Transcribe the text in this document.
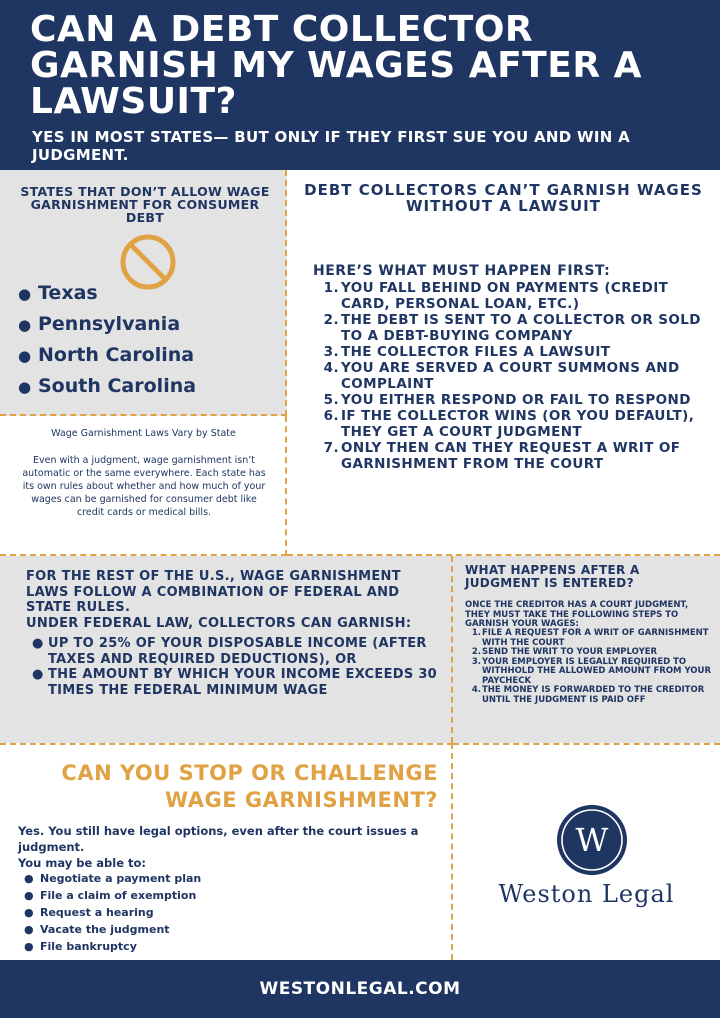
CAN A DEBT COLLECTOR GARNISH MY WAGES AFTER A LAWSUIT?
YES IN MOST STATES— BUT ONLY IF THEY FIRST SUE YOU AND WIN A JUDGMENT.
STATES THAT DON’T ALLOW WAGE GARNISHMENT FOR CONSUMER DEBT
● Texas
● Pennsylvania
● North Carolina
● South Carolina
Wage Garnishment Laws Vary by State
Even with a judgment, wage garnishment isn’t automatic or the same everywhere. Each state has its own rules about whether and how much of your wages can be garnished for consumer debt like credit cards or medical bills.
DEBT COLLECTORS CAN’T GARNISH WAGES WITHOUT A LAWSUIT
HERE’S WHAT MUST HAPPEN FIRST:
1. YOU FALL BEHIND ON PAYMENTS (CREDIT CARD, PERSONAL LOAN, ETC.)
2. THE DEBT IS SENT TO A COLLECTOR OR SOLD TO A DEBT-BUYING COMPANY
3. THE COLLECTOR FILES A LAWSUIT
4. YOU ARE SERVED A COURT SUMMONS AND COMPLAINT
5. YOU EITHER RESPOND OR FAIL TO RESPOND
6. IF THE COLLECTOR WINS (OR YOU DEFAULT), THEY GET A COURT JUDGMENT
7. ONLY THEN CAN THEY REQUEST A WRIT OF GARNISHMENT FROM THE COURT
FOR THE REST OF THE U.S., WAGE GARNISHMENT LAWS FOLLOW A COMBINATION OF FEDERAL AND STATE RULES.
UNDER FEDERAL LAW, COLLECTORS CAN GARNISH:
● UP TO 25% OF YOUR DISPOSABLE INCOME (AFTER TAXES AND REQUIRED DEDUCTIONS), OR
● THE AMOUNT BY WHICH YOUR INCOME EXCEEDS 30 TIMES THE FEDERAL MINIMUM WAGE
WHAT HAPPENS AFTER A JUDGMENT IS ENTERED?
ONCE THE CREDITOR HAS A COURT JUDGMENT, THEY MUST TAKE THE FOLLOWING STEPS TO GARNISH YOUR WAGES:
1. FILE A REQUEST FOR A WRIT OF GARNISHMENT WITH THE COURT
2. SEND THE WRIT TO YOUR EMPLOYER
3. YOUR EMPLOYER IS LEGALLY REQUIRED TO WITHHOLD THE ALLOWED AMOUNT FROM YOUR PAYCHECK
4. THE MONEY IS FORWARDED TO THE CREDITOR UNTIL THE JUDGMENT IS PAID OFF
CAN YOU STOP OR CHALLENGE WAGE GARNISHMENT?
Yes. You still have legal options, even after the court issues a judgment.
You may be able to:
● Negotiate a payment plan
● File a claim of exemption
● Request a hearing
● Vacate the judgment
● File bankruptcy
W
Weston Legal
WESTONLEGAL.COM
